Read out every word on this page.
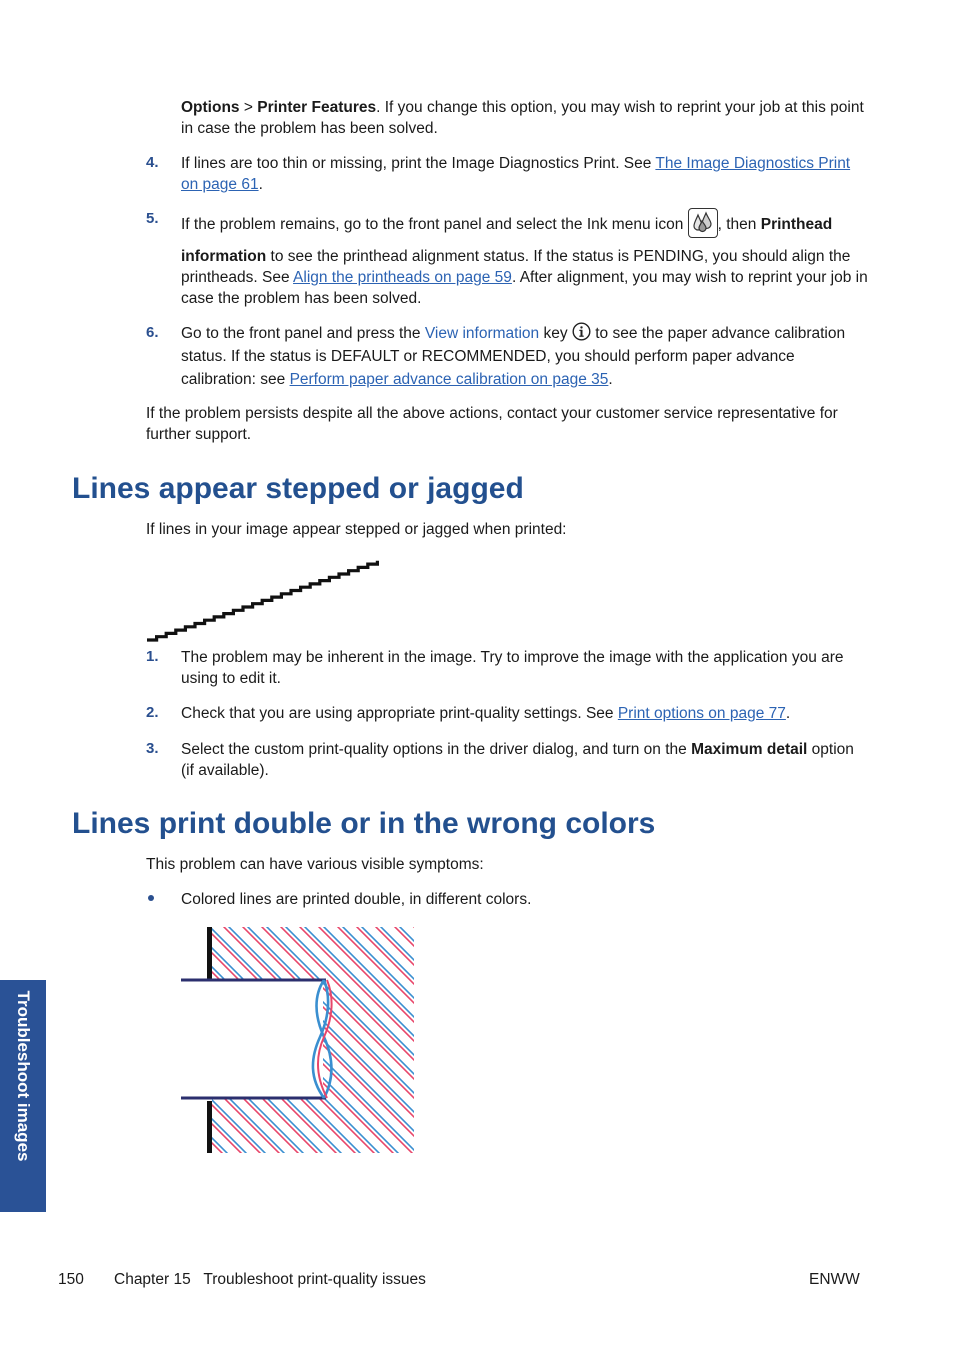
Options > Printer Features. If you change this option, you may wish to reprint your job at this point in case the problem has been solved.

4. If lines are too thin or missing, print the Image Diagnostics Print. See The Image Diagnostics Print on page 61.

5. If the problem remains, go to the front panel and select the Ink menu icon , then Printhead

information to see the printhead alignment status. If the status is PENDING, you should align the printheads. See Align the printheads on page 59. After alignment, you may wish to reprint your job in case the problem has been solved.

6. Go to the front panel and press the View information key  to see the paper advance calibration status. If the status is DEFAULT or RECOMMENDED, you should perform paper advance calibration: see Perform paper advance calibration on page 35.

If the problem persists despite all the above actions, contact your customer service representative for further support.

Lines appear stepped or jagged

If lines in your image appear stepped or jagged when printed:

1. The problem may be inherent in the image. Try to improve the image with the application you are using to edit it.

2. Check that you are using appropriate print-quality settings. See Print options on page 77.

3. Select the custom print-quality options in the driver dialog, and turn on the Maximum detail option (if available).

Lines print double or in the wrong colors

This problem can have various visible symptoms:

Colored lines are printed double, in different colors.

Troubleshoot images
150 Chapter 15   Troubleshoot print-quality issues	ENWW
